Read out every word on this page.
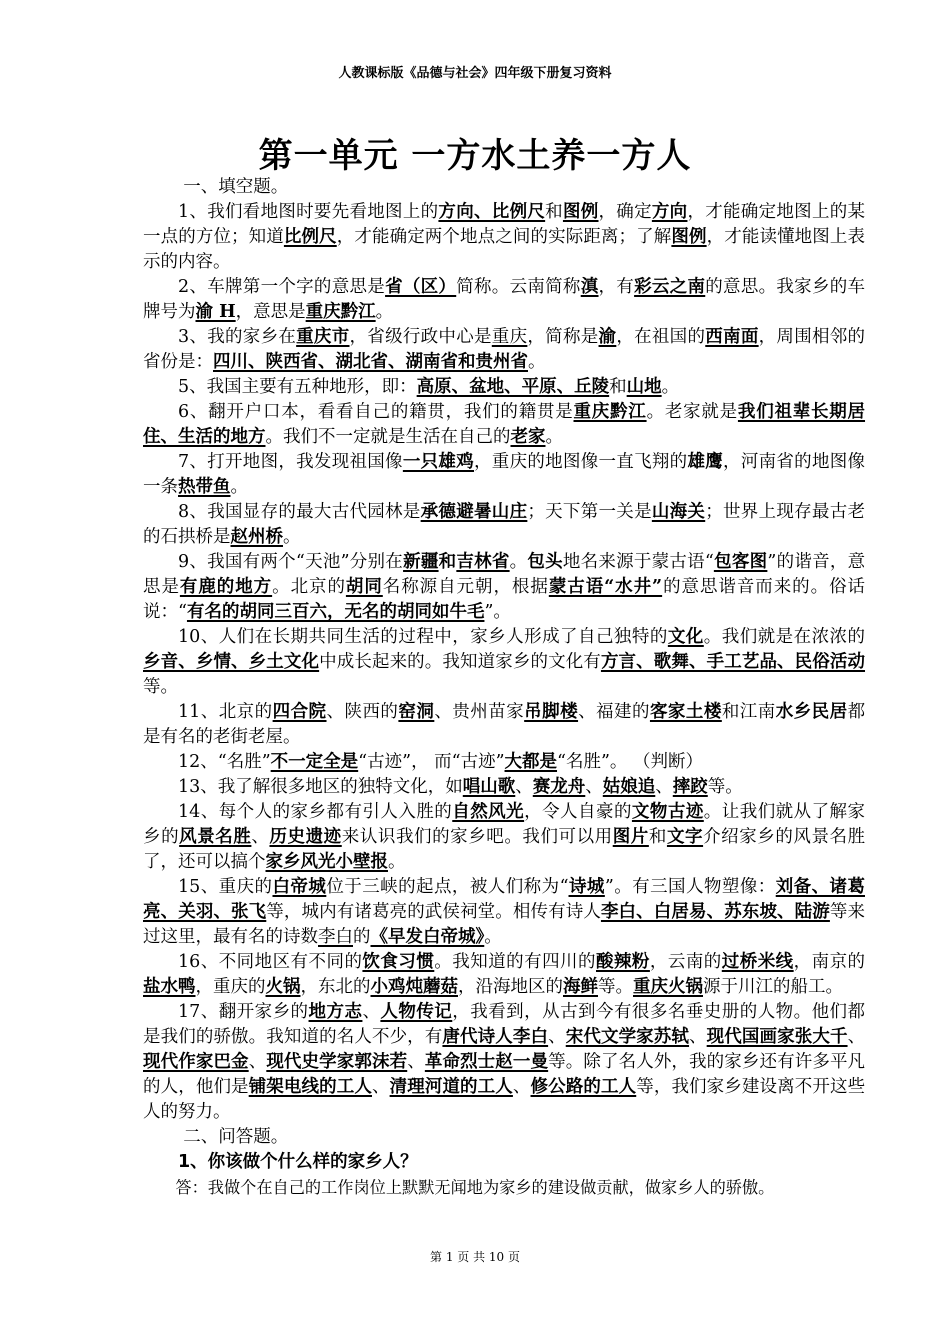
人教课标版《品德与社会》四年级下册复习资料
第一单元 一方水土养一方人

一、填空题。

1、我们看地图时要先看地图上的方向、比例尺和图例，确定方向，才能确定地图上的某一点的方位；知道比例尺，才能确定两个地点之间的实际距离；了解图例，才能读懂地图上表示的内容。

2、车牌第一个字的意思是省（区）简称。云南简称滇，有彩云之南的意思。我家乡的车牌号为渝 H，意思是重庆黔江。

3、我的家乡在重庆市，省级行政中心是重庆，简称是渝，在祖国的西南面，周围相邻的省份是：四川、陕西省、湖北省、湖南省和贵州省。

5、我国主要有五种地形，即：高原、盆地、平原、丘陵和山地。

6、翻开户口本，看看自己的籍贯，我们的籍贯是重庆黔江。老家就是我们祖辈长期居住、生活的地方。我们不一定就是生活在自己的老家。

7、打开地图，我发现祖国像一只雄鸡，重庆的地图像一直飞翔的雄鹰，河南省的地图像一条热带鱼。

8、我国显存的最大古代园林是承德避暑山庄；天下第一关是山海关；世界上现存最古老的石拱桥是赵州桥。

9、我国有两个“天池”分别在新疆和吉林省。包头地名来源于蒙古语“包客图”的谐音，意思是有鹿的地方。北京的胡同名称源自元朝，根据蒙古语“水井”的意思谐音而来的。俗话说：“有名的胡同三百六，无名的胡同如牛毛”。

10、人们在长期共同生活的过程中，家乡人形成了自己独特的文化。我们就是在浓浓的乡音、乡情、乡土文化中成长起来的。我知道家乡的文化有方言、歌舞、手工艺品、民俗活动等。

11、北京的四合院、陕西的窑洞、贵州苗家吊脚楼、福建的客家土楼和江南水乡民居都是有名的老街老屋。

12、“名胜”不一定全是“古迹”， 而“古迹”大都是“名胜”。 （判断）

13、我了解很多地区的独特文化，如唱山歌、赛龙舟、姑娘追、摔跤等。

14、每个人的家乡都有引人入胜的自然风光，令人自豪的文物古迹。让我们就从了解家乡的风景名胜、历史遗迹来认识我们的家乡吧。我们可以用图片和文字介绍家乡的风景名胜了，还可以搞个家乡风光小壁报。

15、重庆的白帝城位于三峡的起点，被人们称为“诗城”。有三国人物塑像：刘备、诸葛亮、关羽、张飞等，城内有诸葛亮的武侯祠堂。相传有诗人李白、白居易、苏东坡、陆游等来过这里，最有名的诗数李白的《早发白帝城》。

16、不同地区有不同的饮食习惯。我知道的有四川的酸辣粉，云南的过桥米线，南京的盐水鸭，重庆的火锅，东北的小鸡炖蘑菇，沿海地区的海鲜等。重庆火锅源于川江的船工。

17、翻开家乡的地方志、人物传记，我看到，从古到今有很多名垂史册的人物。他们都是我们的骄傲。我知道的名人不少，有唐代诗人李白、宋代文学家苏轼、现代国画家张大千、现代作家巴金、现代史学家郭沫若、革命烈士赵一曼等。除了名人外，我的家乡还有许多平凡的人，他们是铺架电线的工人、清理河道的工人、修公路的工人等，我们家乡建设离不开这些人的努力。

二、问答题。

1、你该做个什么样的家乡人？

答：我做个在自己的工作岗位上默默无闻地为家乡的建设做贡献，做家乡人的骄傲。

第 1 页 共 10 页
